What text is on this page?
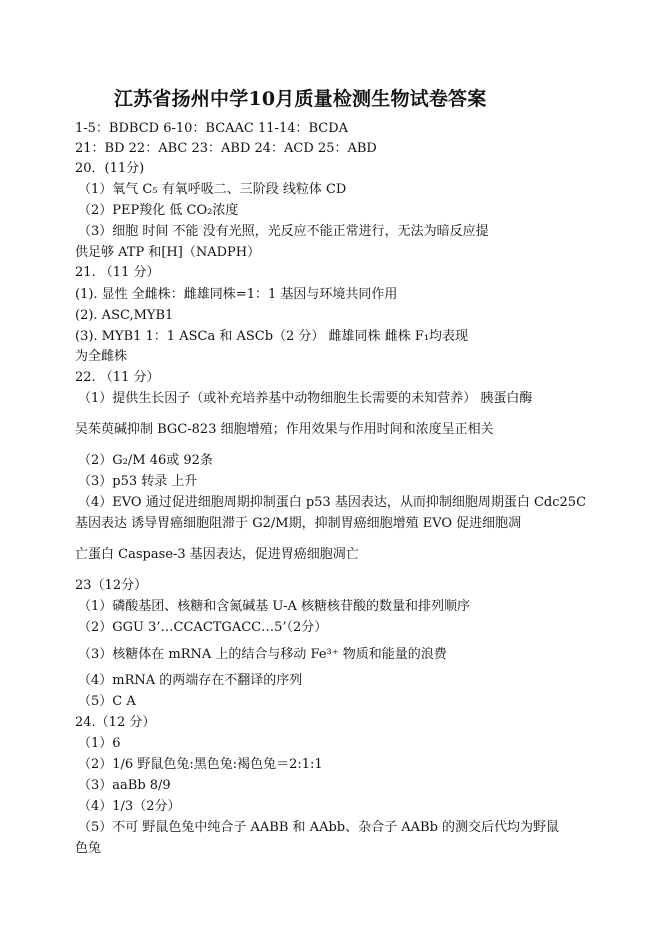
江苏省扬州中学10月质量检测生物试卷答案
1-5：BDBCD 6-10：BCAAC 11-14：BCDA
21：BD 22：ABC 23：ABD 24：ACD 25：ABD
20．(11分)
（1）氧气 C₅ 有氧呼吸二、三阶段 线粒体 CD
（2）PEP羧化 低 CO₂浓度
（3）细胞 时间 不能 没有光照，光反应不能正常进行，无法为暗反应提
供足够 ATP 和[H]（NADPH）
21. （11 分）
(1). 显性 全雌株：雌雄同株=1：1 基因与环境共同作用
(2). ASC,MYB1
(3). MYB1 1：1 ASCa 和 ASCb（2 分） 雌雄同株 雌株 F₁均表现
为全雌株
22. （11 分）
（1）提供生长因子（或补充培养基中动物细胞生长需要的未知营养） 胰蛋白酶
吴茱萸碱抑制 BGC-823 细胞增殖；作用效果与作用时间和浓度呈正相关
（2）G₂/M 46或 92条
（3）p53 转录 上升
（4）EVO 通过促进细胞周期抑制蛋白 p53 基因表达，从而抑制细胞周期蛋白 Cdc25C
基因表达 诱导胃癌细胞阻滞于 G2/M期，抑制胃癌细胞增殖 EVO 促进细胞凋
亡蛋白 Caspase-3 基因表达，促进胃癌细胞凋亡
23（12分）
（1）磷酸基团、核糖和含氮碱基 U-A 核糖核苷酸的数量和排列顺序
（2）GGU 3’…CCACTGACC…5’（2分）
（3）核糖体在 mRNA 上的结合与移动 Fe³⁺ 物质和能量的浪费
（4）mRNA 的两端存在不翻译的序列
（5）C A
24.（12 分）
（1）6
（2）1/6 野鼠色兔:黑色兔:褐色兔＝2:1:1
（3）aaBb 8/9
（4）1/3（2分）
（5）不可 野鼠色兔中纯合子 AABB 和 AAbb、杂合子 AABb 的测交后代均为野鼠
色兔
